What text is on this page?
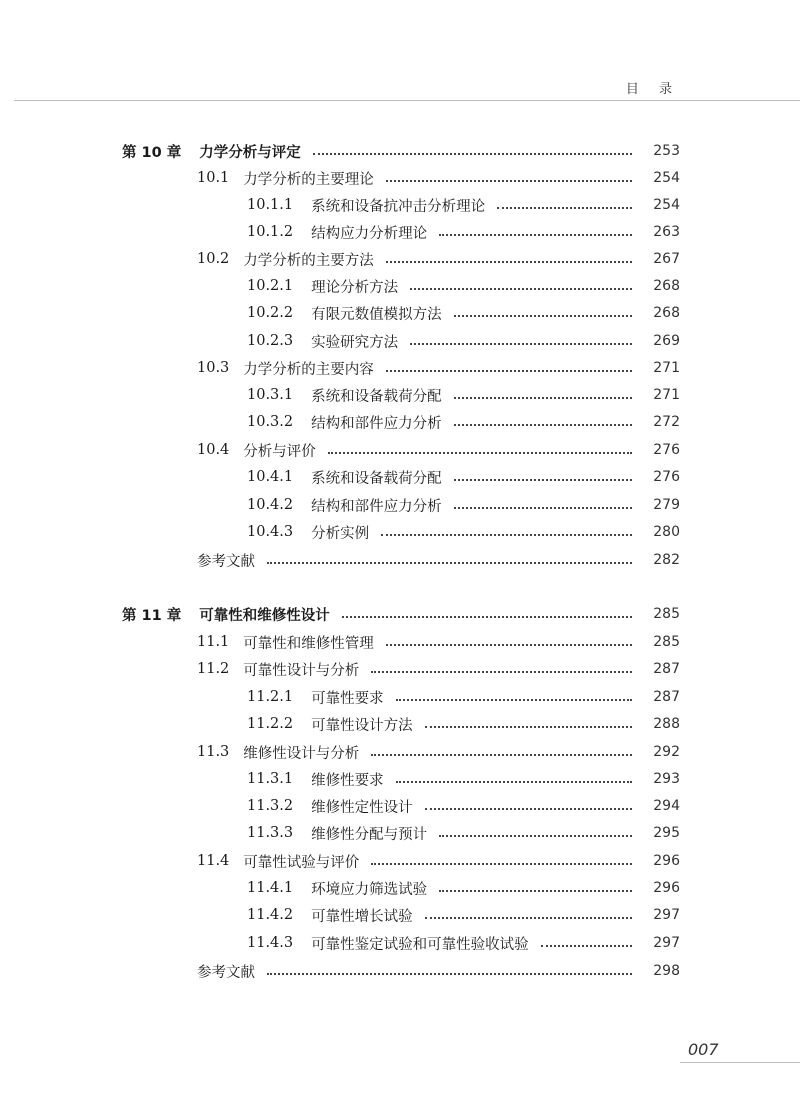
目 录
第 10 章 力学分析与评定	253
10.1 力学分析的主要理论	254
10.1.1 系统和设备抗冲击分析理论	254
10.1.2 结构应力分析理论	263
10.2 力学分析的主要方法	267
10.2.1 理论分析方法	268
10.2.2 有限元数值模拟方法	268
10.2.3 实验研究方法	269
10.3 力学分析的主要内容	271
10.3.1 系统和设备载荷分配	271
10.3.2 结构和部件应力分析	272
10.4 分析与评价	276
10.4.1 系统和设备载荷分配	276
10.4.2 结构和部件应力分析	279
10.4.3 分析实例	280
参考文献	282
第 11 章 可靠性和维修性设计	285
11.1 可靠性和维修性管理	285
11.2 可靠性设计与分析	287
11.2.1 可靠性要求	287
11.2.2 可靠性设计方法	288
11.3 维修性设计与分析	292
11.3.1 维修性要求	293
11.3.2 维修性定性设计	294
11.3.3 维修性分配与预计	295
11.4 可靠性试验与评价	296
11.4.1 环境应力筛选试验	296
11.4.2 可靠性增长试验	297
11.4.3 可靠性鉴定试验和可靠性验收试验	297
参考文献	298
007
